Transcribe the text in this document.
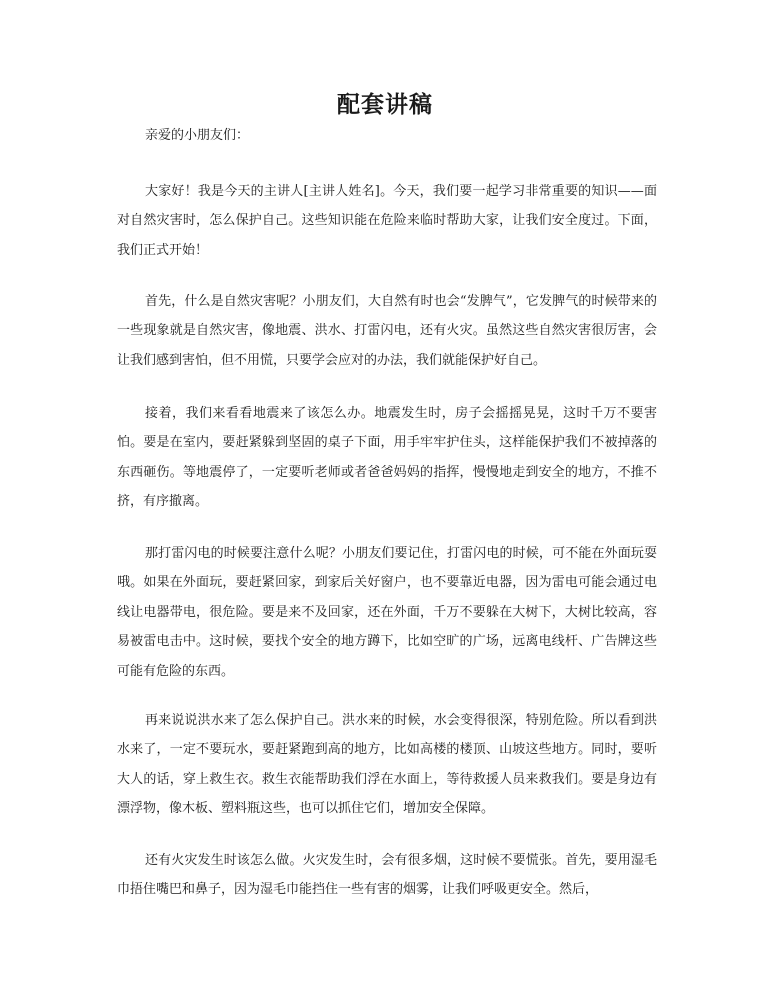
配套讲稿

亲爱的小朋友们：

大家好！我是今天的主讲人[主讲人姓名]。今天，我们要一起学习非常重要的知识——面对自然灾害时，怎么保护自己。这些知识能在危险来临时帮助大家，让我们安全度过。下面，我们正式开始！

首先，什么是自然灾害呢？小朋友们，大自然有时也会“发脾气”，它发脾气的时候带来的一些现象就是自然灾害，像地震、洪水、打雷闪电，还有火灾。虽然这些自然灾害很厉害，会让我们感到害怕，但不用慌，只要学会应对的办法，我们就能保护好自己。

接着，我们来看看地震来了该怎么办。地震发生时，房子会摇摇晃晃，这时千万不要害怕。要是在室内，要赶紧躲到坚固的桌子下面，用手牢牢护住头，这样能保护我们不被掉落的东西砸伤。等地震停了，一定要听老师或者爸爸妈妈的指挥，慢慢地走到安全的地方，不推不挤，有序撤离。

那打雷闪电的时候要注意什么呢？小朋友们要记住，打雷闪电的时候，可不能在外面玩耍哦。如果在外面玩，要赶紧回家，到家后关好窗户，也不要靠近电器，因为雷电可能会通过电线让电器带电，很危险。要是来不及回家，还在外面，千万不要躲在大树下，大树比较高，容易被雷电击中。这时候，要找个安全的地方蹲下，比如空旷的广场，远离电线杆、广告牌这些可能有危险的东西。

再来说说洪水来了怎么保护自己。洪水来的时候，水会变得很深，特别危险。所以看到洪水来了，一定不要玩水，要赶紧跑到高的地方，比如高楼的楼顶、山坡这些地方。同时，要听大人的话，穿上救生衣。救生衣能帮助我们浮在水面上，等待救援人员来救我们。要是身边有漂浮物，像木板、塑料瓶这些，也可以抓住它们，增加安全保障。

还有火灾发生时该怎么做。火灾发生时，会有很多烟，这时候不要慌张。首先，要用湿毛巾捂住嘴巴和鼻子，因为湿毛巾能挡住一些有害的烟雾，让我们呼吸更安全。然后，
